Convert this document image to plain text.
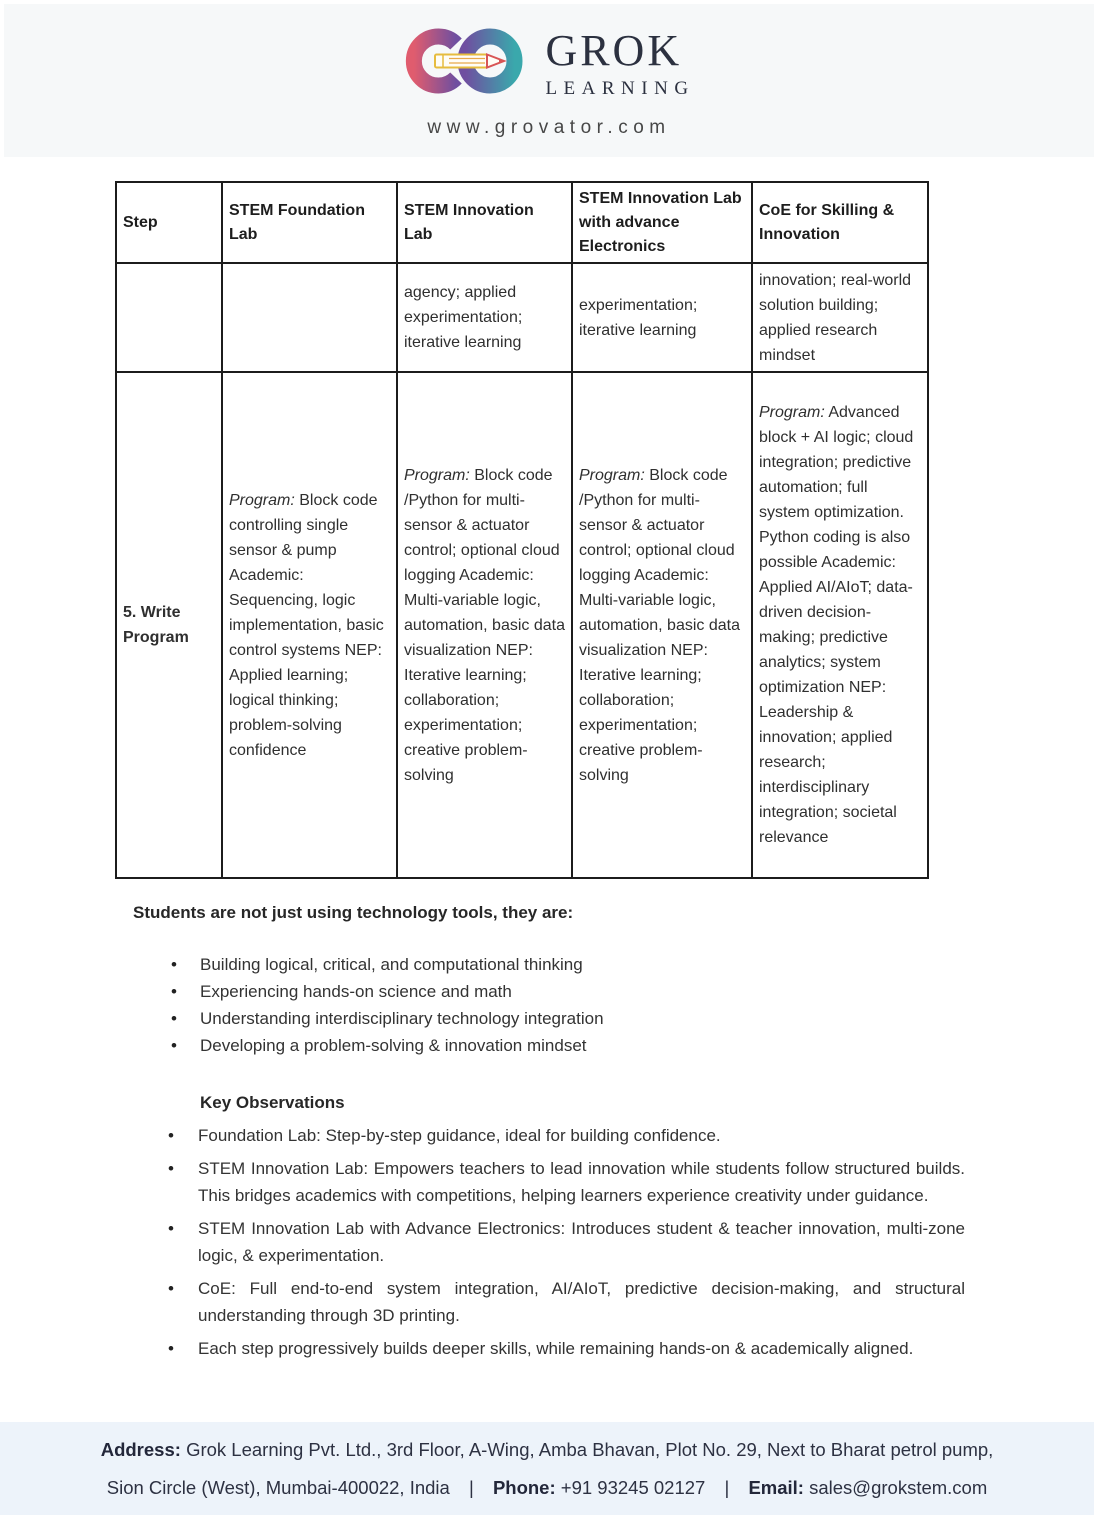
GROK
LEARNING
www.grovator.com
Step	STEM Foundation Lab	STEM Innovation Lab	STEM Innovation Lab with advance Electronics	CoE for Skilling & Innovation
		agency; applied experimentation; iterative learning	experimentation; iterative learning	innovation; real-world solution building; applied research mindset
5. Write Program	Program: Block code controlling single sensor & pump Academic: Sequencing, logic implementation, basic control systems NEP: Applied learning; logical thinking; problem-solving confidence	Program: Block code /Python for multi-sensor & actuator control; optional cloud logging Academic: Multi-variable logic, automation, basic data visualization NEP: Iterative learning; collaboration; experimentation; creative problem-solving	Program: Block code /Python for multi-sensor & actuator control; optional cloud logging Academic: Multi-variable logic, automation, basic data visualization NEP: Iterative learning; collaboration; experimentation; creative problem-solving	Program: Advanced block + AI logic; cloud integration; predictive automation; full system optimization. Python coding is also possible Academic: Applied AI/AIoT; data-driven decision-making; predictive analytics; system optimization NEP: Leadership & innovation; applied research; interdisciplinary integration; societal relevance

Students are not just using technology tools, they are:

• Building logical, critical, and computational thinking
• Experiencing hands-on science and math
• Understanding interdisciplinary technology integration
• Developing a problem-solving & innovation mindset

Key Observations

• Foundation Lab: Step-by-step guidance, ideal for building confidence.
• STEM Innovation Lab: Empowers teachers to lead innovation while students follow structured builds. This bridges academics with competitions, helping learners experience creativity under guidance.
• STEM Innovation Lab with Advance Electronics: Introduces student & teacher innovation, multi-zone logic, & experimentation.
• CoE: Full end-to-end system integration, AI/AIoT, predictive decision-making, and structural understanding through 3D printing.
• Each step progressively builds deeper skills, while remaining hands-on & academically aligned.
Address: Grok Learning Pvt. Ltd., 3rd Floor, A-Wing, Amba Bhavan, Plot No. 29, Next to Bharat petrol pump,
Sion Circle (West), Mumbai-400022, India | Phone: +91 93245 02127 | Email: sales@grokstem.com
